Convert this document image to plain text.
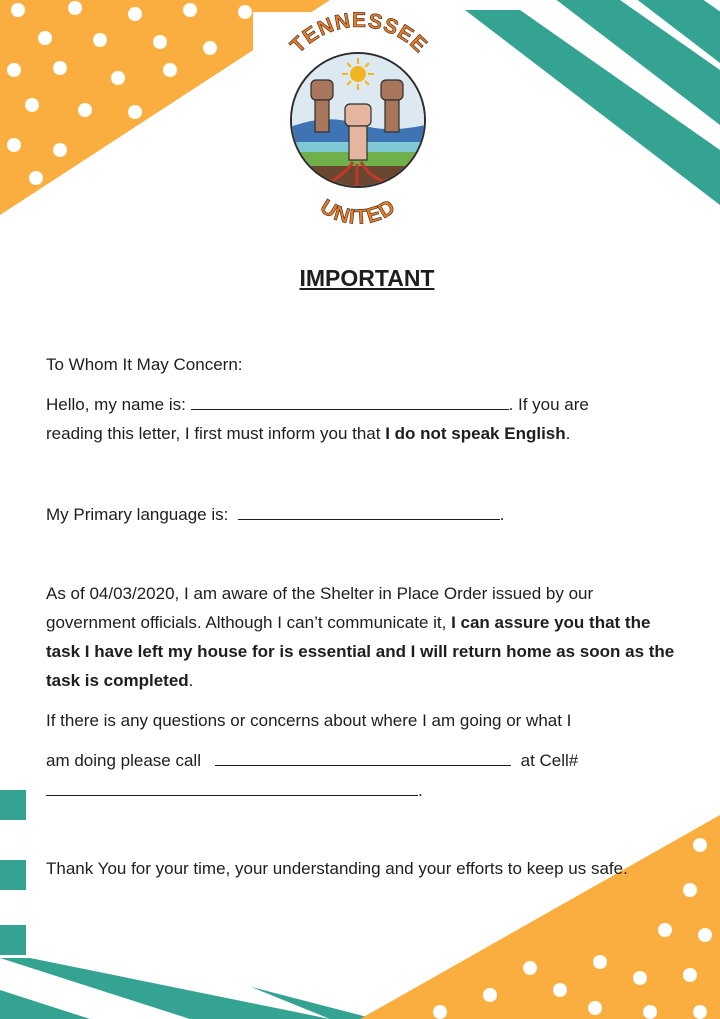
TENNESSEE
UNITED
IMPORTANT

To Whom It May Concern:

Hello, my name is:	. If you are
reading this letter, I first must inform you that I do not speak English.

My Primary language is:	.

As of 04/03/2020, I am aware of the Shelter in Place Order issued by our government officials. Although I can’t communicate it, I can assure you that the task I have left my house for is essential and I will return home as soon as the task is completed.

If there is any questions or concerns about where I am going or what I

am doing please call	at Cell#

.

Thank You for your time, your understanding and your efforts to keep us safe.
